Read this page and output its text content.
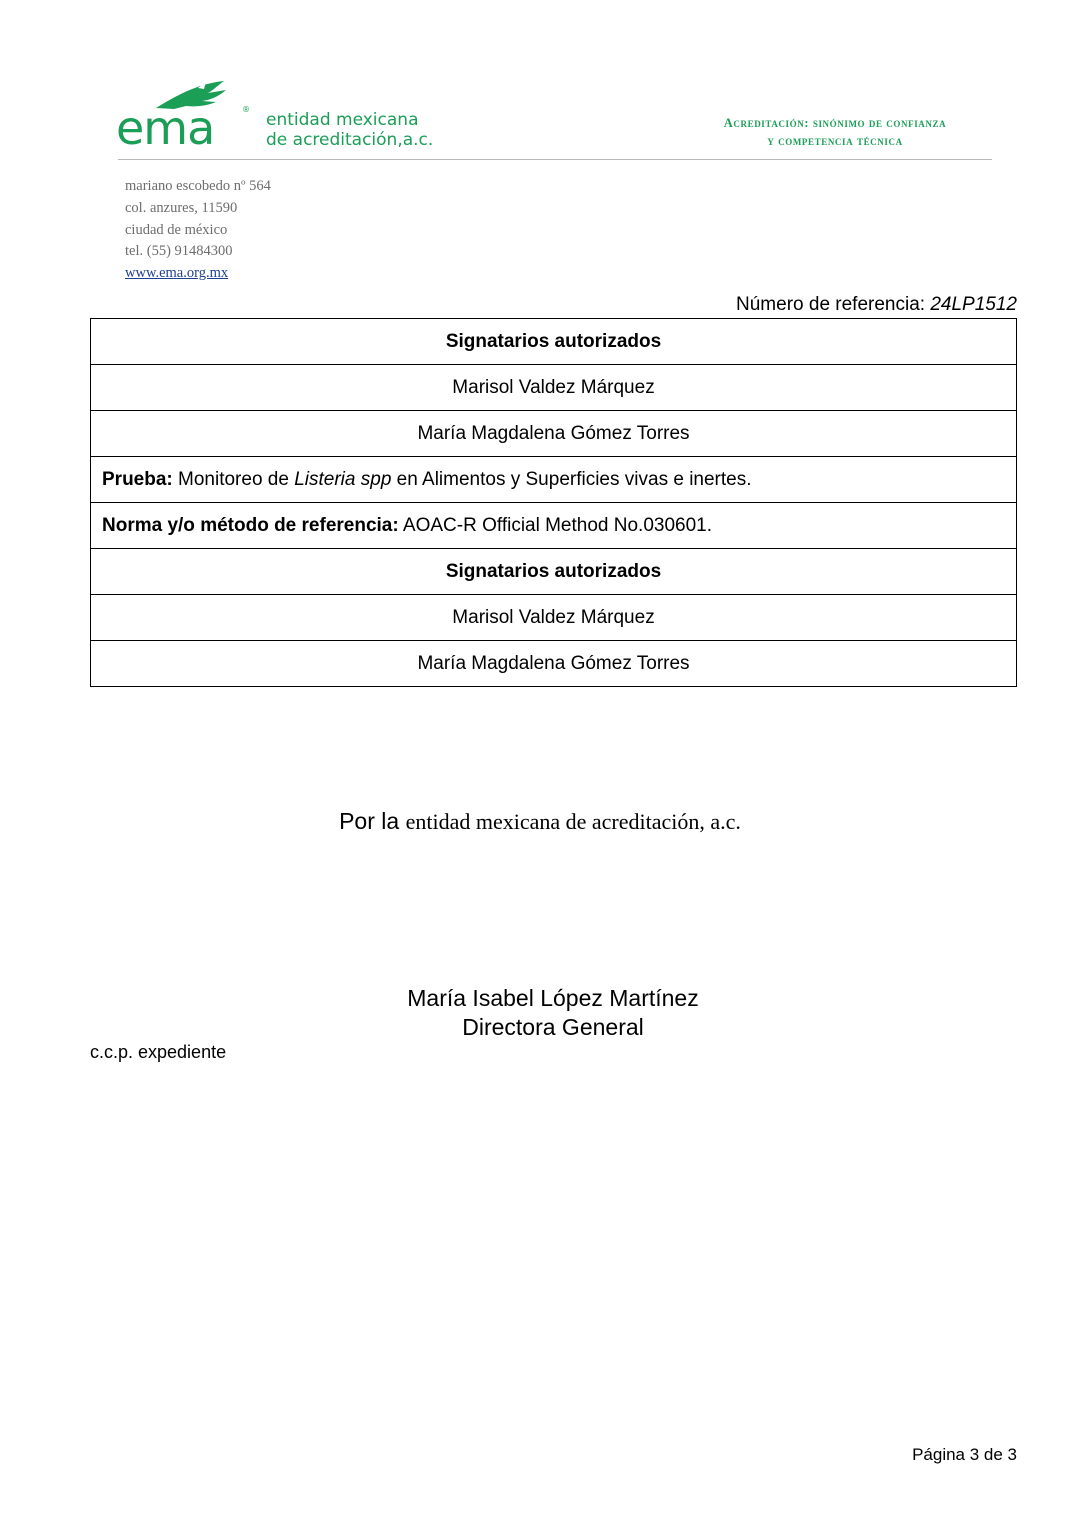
ema	®
entidad mexicana
de acreditación,a.c.
Acreditación: sinónimo de confianza
y competencia técnica
mariano escobedo nº 564
col. anzures, 11590
ciudad de méxico
tel. (55) 91484300
www.ema.org.mx
Número de referencia: 24LP1512
Signatarios autorizados
Marisol Valdez Márquez
María Magdalena Gómez Torres
Prueba: Monitoreo de Listeria spp en Alimentos y Superficies vivas e inertes.
Norma y/o método de referencia: AOAC-R Official Method No.030601.
Signatarios autorizados
Marisol Valdez Márquez
María Magdalena Gómez Torres
Por la entidad mexicana de acreditación, a.c.
María Isabel López Martínez
Directora General
c.c.p. expediente
Página 3 de 3
